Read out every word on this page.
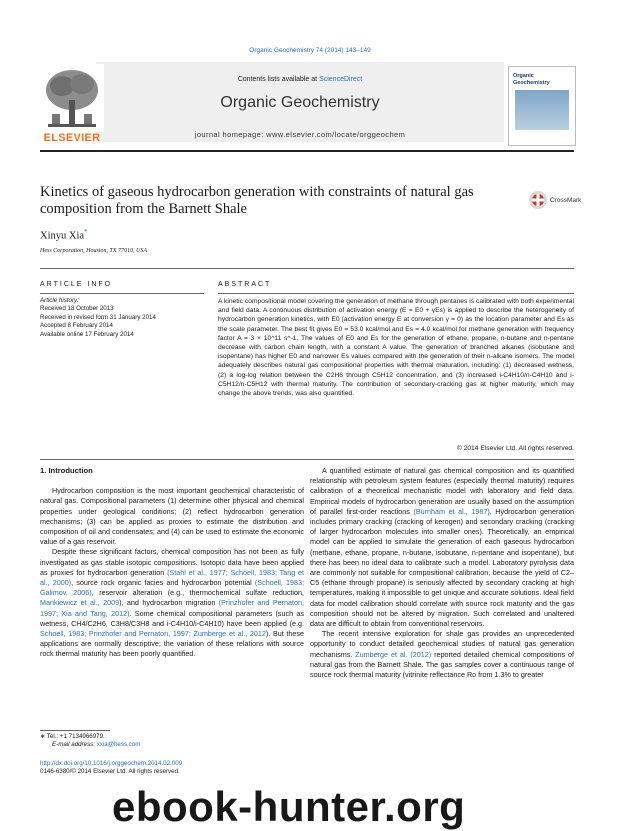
Organic Geochemistry 74 (2014) 143–149
Contents lists available at ScienceDirect
Organic Geochemistry
journal homepage: www.elsevier.com/locate/orggeochem
ELSEVIER
Organic Geochemistry
Kinetics of gaseous hydrocarbon generation with constraints of natural gas composition from the Barnett Shale
CrossMark
Xinyu Xia*
Hess Corporation, Houston, TX 77010, USA
ARTICLE INFO
Article history:
Received 18 October 2013
Received in revised form 31 January 2014
Accepted 8 February 2014
Available online 17 February 2014
ABSTRACT
A kinetic compositional model covering the generation of methane through pentanes is calibrated with both experimental and field data. A continuous distribution of activation energy (E = E0 + γEs) is applied to describe the heterogeneity of hydrocarbon generation kinetics, with E0 (activation energy E at conversion γ = 0) as the location parameter and Es as the scale parameter. The best fit gives E0 = 53.0 kcal/mol and Es = 4.0 kcal/mol for methane generation with frequency factor A = 3 × 10^11 s^-1. The values of E0 and Es for the generation of ethane, propane, n-butane and n-pentane decrease with carbon chain length, with a constant A value. The generation of branched alkanes (isobutane and isopentane) has higher E0 and narrower Es values compared with the generation of their n-alkane isomers. The model adequately describes natural gas compositional properties with thermal maturation, including: (1) decreased wetness, (2) a log-log relation between the C2H6 through C5H12 concentration, and (3) increased i-C4H10/n-C4H10 and i-C5H12/n-C5H12 with thermal maturity. The contribution of secondary-cracking gas at higher maturity, which may change the above trends, was also quantified.
© 2014 Elsevier Ltd. All rights reserved.
1. Introduction

Hydrocarbon composition is the most important geochemical characteristic of natural gas. Compositional parameters (1) determine other physical and chemical properties under geological conditions; (2) reflect hydrocarbon generation mechanisms; (3) can be applied as proxies to estimate the distribution and composition of oil and condensates; and (4) can be used to estimate the economic value of a gas reservoir.

Despite these significant factors, chemical composition has not been as fully investigated as gas stable isotopic compositions. Isotopic data have been applied as proxies for hydrocarbon generation (Stahl et al., 1977; Schoell, 1983; Tang et al., 2000), source rock organic facies and hydrocarbon potential (Schoell, 1983; Galimov, 2006), reservoir alteration (e.g., thermochemical sulfate reduction, Mankiewicz et al., 2009), and hydrocarbon migration (Prinzhofer and Pernaton, 1997; Xia and Tang, 2012). Some chemical compositional parameters (such as wetness, CH4/C2H6, C3H8/C3H8 and i-C4H10/i-C4H10) have been applied (e.g. Schoell, 1983; Prinzhofer and Pernaton, 1997; Zumberge et al., 2012). But these applications are normally descriptive; the variation of these relations with source rock thermal maturity has been poorly quantified.

A quantified estimate of natural gas chemical composition and its quantified relationship with petroleum system features (especially thermal maturity) requires calibration of a theoretical mechanistic model with laboratory and field data. Empirical models of hydrocarbon generation are usually based on the assumption of parallel first-order reactions (Burnham et al., 1987). Hydrocarbon generation includes primary cracking (cracking of kerogen) and secondary cracking (cracking of larger hydrocarbon molecules into smaller ones). Theoretically, an empirical model can be applied to simulate the generation of each gaseous hydrocarbon (methane, ethane, propane, n-butane, isobutane, n-pentane and isopentane), but there has been no ideal data to calibrate such a model. Laboratory pyrolysis data are commonly not suitable for compositional calibration, because the yield of C2–C5 (ethane through propane) is seriously affected by secondary cracking at high temperatures, making it impossible to get unique and accurate solutions. Ideal field data for model calibration should correlate with source rock maturity and the gas composition should not be altered by migration. Such correlated and unaltered data are difficult to obtain from conventional reservoirs.

The recent intensive exploration for shale gas provides an unprecedented opportunity to conduct detailed geochemical studies of natural gas generation mechanisms. Zumberge et al. (2012) reported detailed chemical compositions of natural gas from the Barnett Shale. The gas samples cover a continuous range of source rock thermal maturity (vitrinite reflectance Ro from 1.3% to greater

∗ Tel.: +1 7134966979.
E-mail address: xxia@hess.com
http://dx.doi.org/10.1016/j.orggeochem.2014.02.009
0146-6380/© 2014 Elsevier Ltd. All rights reserved.
ebook-hunter.org
